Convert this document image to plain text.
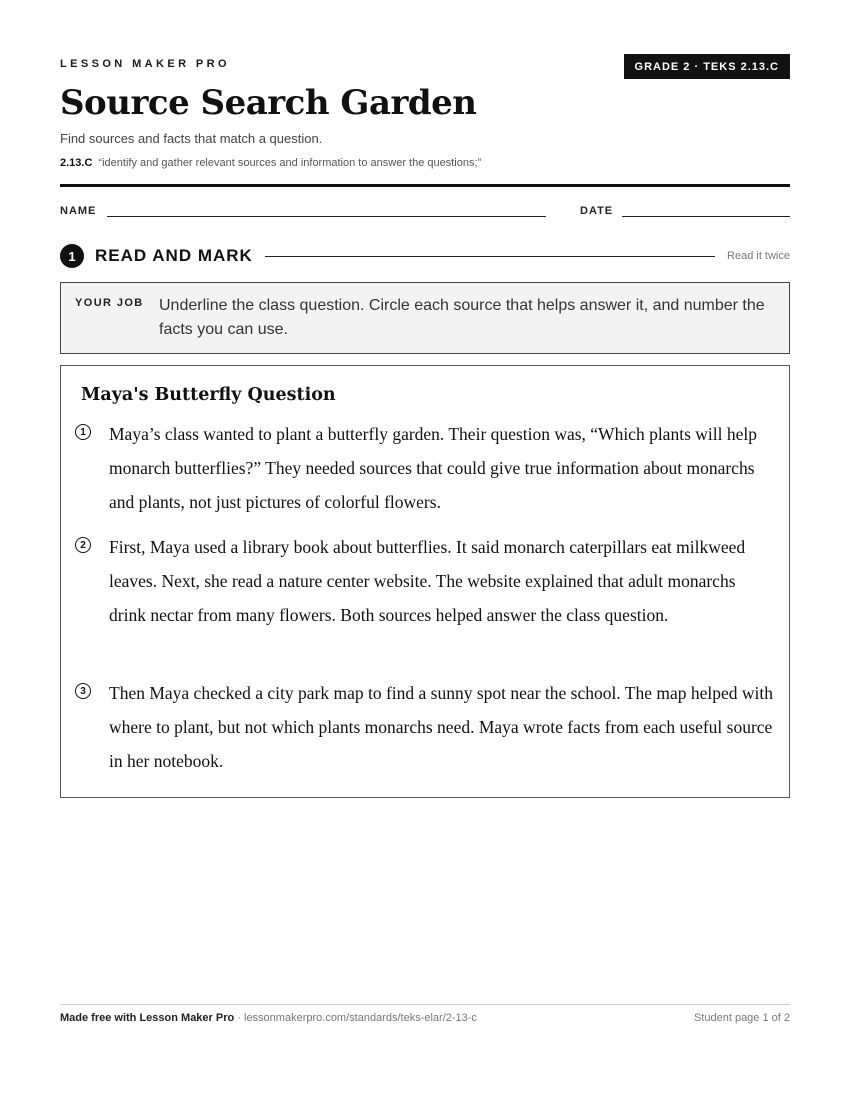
LESSON MAKER PRO	GRADE 2 · TEKS 2.13.C
Source Search Garden
Find sources and facts that match a question.
2.13.C “identify and gather relevant sources and information to answer the questions;”
NAME	DATE
1	READ AND MARK	Read it twice
YOUR JOB Underline the class question. Circle each source that helps answer it, and number the facts you can use.
Maya's Butterfly Question
1 Maya’s class wanted to plant a butterfly garden. Their question was, “Which plants will help monarch butterflies?” They needed sources that could give true information about monarchs and plants, not just pictures of colorful flowers.
2 First, Maya used a library book about butterflies. It said monarch caterpillars eat milkweed leaves. Next, she read a nature center website. The website explained that adult monarchs drink nectar from many flowers. Both sources helped answer the class question.
3 Then Maya checked a city park map to find a sunny spot near the school. The map helped with where to plant, but not which plants monarchs need. Maya wrote facts from each useful source in her notebook.
Made free with Lesson Maker Pro · lessonmakerpro.com/standards/teks-elar/2-13-c	Student page 1 of 2
